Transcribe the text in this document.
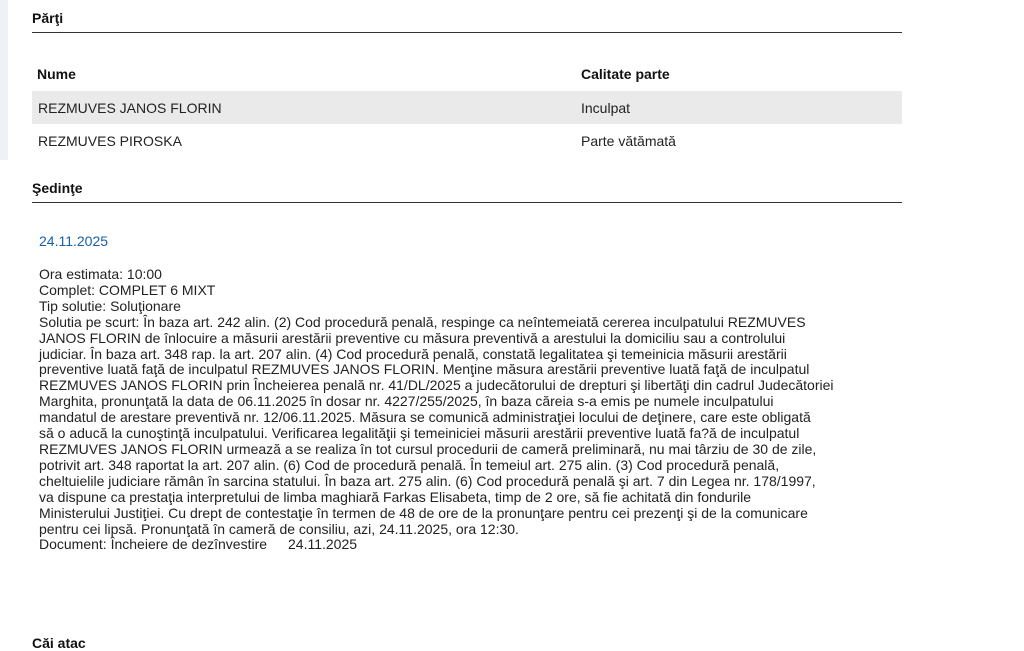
Părţi
Nume	Calitate parte
REZMUVES JANOS FLORIN	Inculpat
REZMUVES PIROSKA	Parte vătămată
Şedinţe
24.11.2025
Ora estimata: 10:00
Complet: COMPLET 6 MIXT
Tip solutie: Soluţionare
Solutia pe scurt: În baza art. 242 alin. (2) Cod procedură penală, respinge ca neîntemeiată cererea inculpatului REZMUVES
JANOS FLORIN de înlocuire a măsurii arestării preventive cu măsura preventivă a arestului la domiciliu sau a controlului
judiciar. În baza art. 348 rap. la art. 207 alin. (4) Cod procedură penală, constată legalitatea şi temeinicia măsurii arestării
preventive luată faţă de inculpatul REZMUVES JANOS FLORIN. Menţine măsura arestării preventive luată faţă de inculpatul
REZMUVES JANOS FLORIN prin Încheierea penală nr. 41/DL/2025 a judecătorului de drepturi şi libertăţi din cadrul Judecătoriei
Marghita, pronunţată la data de 06.11.2025 în dosar nr. 4227/255/2025, în baza căreia s-a emis pe numele inculpatului
mandatul de arestare preventivă nr. 12/06.11.2025. Măsura se comunică administraţiei locului de deţinere, care este obligată
să o aducă la cunoştinţă inculpatului. Verificarea legalităţii şi temeiniciei măsurii arestării preventive luată fa?ă de inculpatul
REZMUVES JANOS FLORIN urmează a se realiza în tot cursul procedurii de cameră preliminară, nu mai târziu de 30 de zile,
potrivit art. 348 raportat la art. 207 alin. (6) Cod de procedură penală. În temeiul art. 275 alin. (3) Cod procedură penală,
cheltuielile judiciare rămân în sarcina statului. În baza art. 275 alin. (6) Cod procedură penală şi art. 7 din Legea nr. 178/1997,
va dispune ca prestaţia interpretului de limba maghiară Farkas Elisabeta, timp de 2 ore, să fie achitată din fondurile
Ministerului Justiţiei. Cu drept de contestaţie în termen de 48 de ore de la pronunţare pentru cei prezenţi şi de la comunicare
pentru cei lipsă. Pronunţată în cameră de consiliu, azi, 24.11.2025, ora 12:30.
Document: Încheiere de dezînvestire 24.11.2025
Căi atac
